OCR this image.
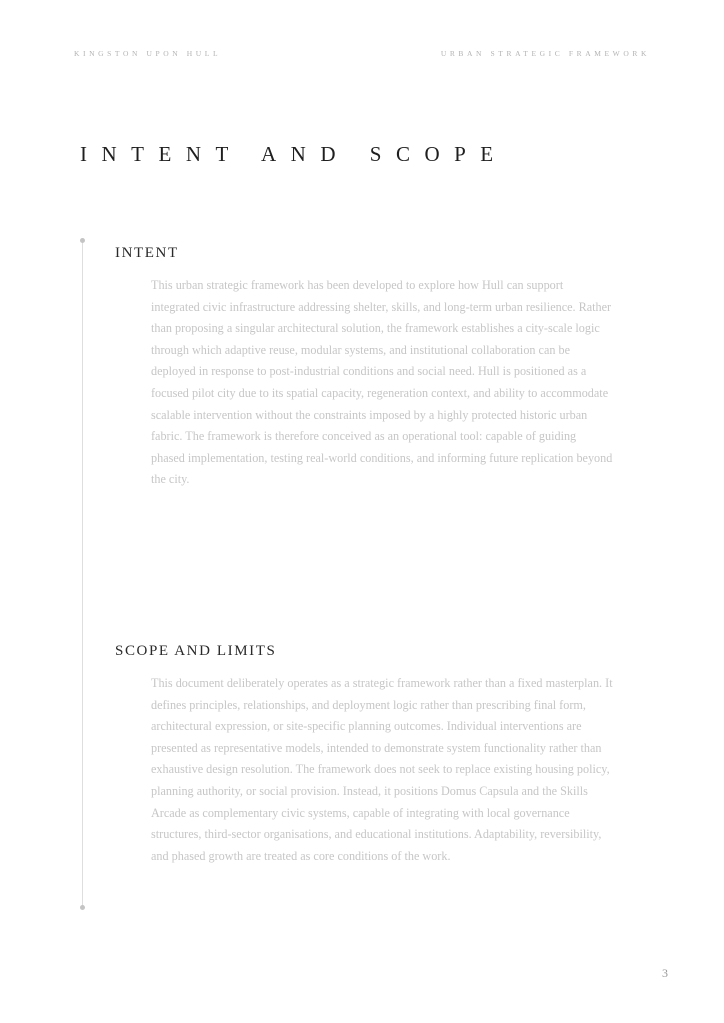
KINGSTON UPON HULL	URBAN STRATEGIC FRAMEWORK
INTENT AND SCOPE
INTENT

This urban strategic framework has been developed to explore how Hull can support integrated civic infrastructure addressing shelter, skills, and long-term urban resilience. Rather than proposing a singular architectural solution, the framework establishes a city-scale logic through which adaptive reuse, modular systems, and institutional collaboration can be deployed in response to post-industrial conditions and social need. Hull is positioned as a focused pilot city due to its spatial capacity, regeneration context, and ability to accommodate scalable intervention without the constraints imposed by a highly protected historic urban fabric. The framework is therefore conceived as an operational tool: capable of guiding phased implementation, testing real-world conditions, and informing future replication beyond the city.

SCOPE AND LIMITS

This document deliberately operates as a strategic framework rather than a fixed masterplan. It defines principles, relationships, and deployment logic rather than prescribing final form, architectural expression, or site-specific planning outcomes. Individual interventions are presented as representative models, intended to demonstrate system functionality rather than exhaustive design resolution. The framework does not seek to replace existing housing policy, planning authority, or social provision. Instead, it positions Domus Capsula and the Skills Arcade as complementary civic systems, capable of integrating with local governance structures, third-sector organisations, and educational institutions. Adaptability, reversibility, and phased growth are treated as core conditions of the work.

3
